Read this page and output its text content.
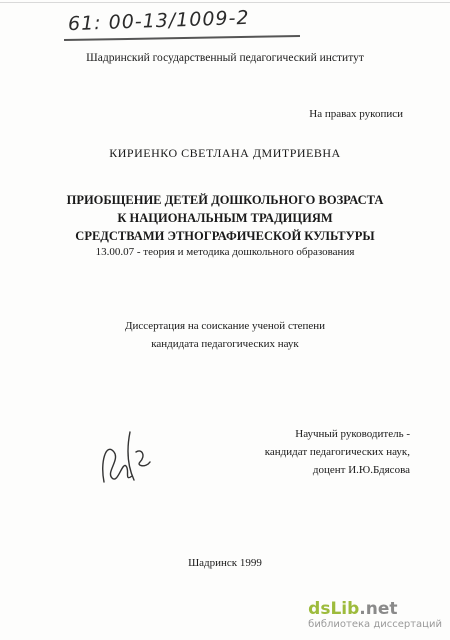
61: 00-13/1009-2
Шадринский государственный педагогический институт
На правах рукописи
КИРИЕНКО СВЕТЛАНА ДМИТРИЕВНА
ПРИОБЩЕНИЕ ДЕТЕЙ ДОШКОЛЬНОГО ВОЗРАСТА
К НАЦИОНАЛЬНЫМ ТРАДИЦИЯМ
СРЕДСТВАМИ ЭТНОГРАФИЧЕСКОЙ КУЛЬТУРЫ
13.00.07 - теория и методика дошкольного образования
Диссертация на соискание ученой степени
кандидата педагогических наук
Научный руководитель -
кандидат педагогических наук,
доцент И.Ю.Бдясова
Шадринск 1999
dsLib.net
библиотека диссертаций
